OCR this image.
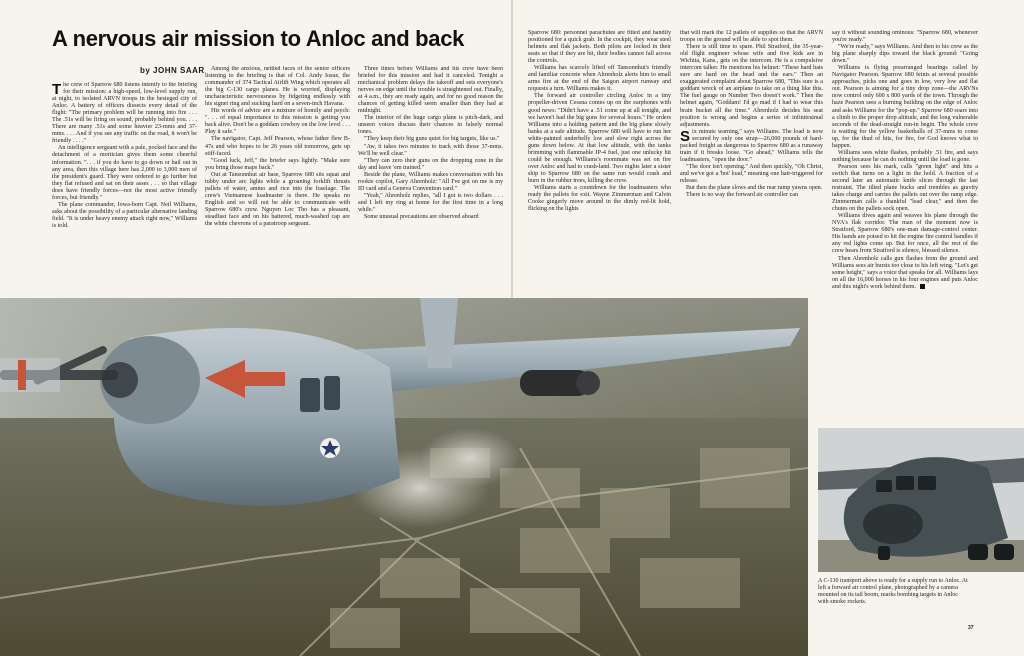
A nervous air mission to Anloc and back
by JOHN SAAR

The crew of Sparrow 680 listens intently to the briefing for their mission: a high-speed, low-level supply run, at night, to isolated ARVN troops in the besieged city of Anloc. A battery of officers dissects every detail of the flight: "The primary problem will be running into fire . . . The .51s will be firing on sound, probably behind you. . . . There are many .51s and some heavier 23-mms and 37-mms. . . . And if you see any traffic on the road, it won't be friendly . . . ."

An intelligence sergeant with a pale, pocked face and the detachment of a mortician gives them some cheerful information. ". . . if you do have to go down or bail out in any area, then this village here has 2,000 to 3,000 men of the president's guard. They were ordered to go further but they flat refused and sat on their asses . . . so that village does have friendly forces—not the most active friendly forces, but friendly."

The plane commander, Iowa-born Capt. Neil Williams, asks about the possibility of a particular alternative landing field. "It is under heavy enemy attack right now," Williams is told.

Among the anxious, nettled faces of the senior officers listening to the briefing is that of Col. Andy Iosue, the commander of 374 Tactical Airlift Wing which operates all the big C-130 cargo planes. He is worried, displaying uncharacteristic nervousness by fidgeting endlessly with his signet ring and sucking hard on a seven-inch Havana.

His words of advice are a mixture of homily and psych: ". . . of equal importance to this mission is getting you back alive. Don't be a goddam cowboy on the low level . . . Play it safe."

The navigator, Capt. Jeff Pearson, whose father flew B-47s and who hopes to be 26 years old tomorrow, gets up stiff-faced.

"Good luck, Jeff," the briefer says lightly. "Make sure you bring those maps back."

Out at Tansonnhut air base, Sparrow 680 sits squat and tubby under arc lights while a groaning forklift thrusts pallets of water, ammo and rice into the fuselage. The crew's Vietnamese loadmaster is there. He speaks no English and so will not be able to communicate with Sparrow 680's crew. Nguyen Loc Tho has a pleasant, steadfast face and on his battered, much-washed cap are the white chevrons of a paratroop sergeant.

Three times before Williams and his crew have been briefed for this mission and had it canceled. Tonight a mechanical problem delays the takeoff and sets everyone's nerves on edge until the trouble is straightened out. Finally, at 4 a.m., they are ready again, and for no good reason the chances of getting killed seem smaller than they had at midnight.

The interior of the huge cargo plane is pitch-dark, and unseen voices discuss their chances in falsely normal tones.

"They keep their big guns quiet for big targets, like us."

"Aw, it takes two minutes to track with those 37-mms. We'll be well clear."

"They can zero their guns on the dropping zone in the day and leave 'em trained."

Beside the plane, Williams makes conversation with his rookie copilot, Gary Ahrenholz: "All I've got on me is my ID card and a Geneva Convention card."

"Yeah," Ahrenholz replies, "all I got is two dollars . . . and I left my ring at home for the first time in a long while."

Some unusual precautions are observed aboard

Sparrow 680: personnel parachutes are fitted and handily positioned for a quick grab. In the cockpit, they wear steel helmets and flak jackets. Both pilots are locked in their seats so that if they are hit, their bodies cannot fall across the controls.

Williams has scarcely lifted off Tansonnhut's friendly and familiar concrete when Ahrenholz alerts him to small arms fire at the end of the Saigon airport runway and requests a turn. Williams makes it.

The forward air controller circling Anloc in a tiny propeller-driven Cessna comes up on the earphones with good news: "Didn't have a .51 come up at all tonight, and we haven't had the big guns for several hours." He orders Williams into a holding pattern and the big plane slowly banks at a safe altitude. Sparrow 680 will have to run her white-painted underbelly low and slow right across the guns down below. At that low altitude, with the tanks brimming with flammable JP-4 fuel, just one unlucky hit could be enough. Williams's roommate was set on fire over Anloc and had to crash-land. Two nights later a sister ship to Sparrow 680 on the same run would crash and burn in the rubber trees, killing the crew.

Williams starts a countdown for the loadmasters who ready the pallets for exit. Wayne Zimmerman and Calvin Cooke gingerly move around in the dimly red-lit hold, flicking on the lights

that will mark the 12 pallets of supplies so that the ARVN troops on the ground will be able to spot them.

There is still time to spare. Phil Stratford, the 35-year-old flight engineer whose wife and five kids are in Wichita, Kans., gets on the intercom. He is a compulsive intercom talker. He mentions his helmet: "These hard hats sure are hard on the head and the ears." Then an exaggerated complaint about Sparrow 680, "This sure is a goddam wreck of an airplane to take on a thing like this. The fuel gauge on Number Two doesn't work." Then the helmet again, "Goddam! I'd go mad if I had to wear this brain bucket all the time." Ahrenholz decides his seat position is wrong and begins a series of infinitesimal adjustments.

Six minute warning," says Williams. The load is now secured by only one strap—26,000 pounds of hard-packed freight as dangerous to Sparrow 680 as a runaway train if it breaks loose. "Go ahead," Williams tells the loadmasters, "open the door."

"The door isn't opening." And then quickly, "Oh Christ, and we've got a 'hot' load," meaning one hair-triggered for release.

But then the plane slows and the rear ramp yawns open.

There is no way the forward air controller can

say it without sounding ominous: "Sparrow 680, whenever you're ready."

"We're ready," says Williams. And then to his crew as the big plane sharply dips toward the black ground: "Going down."

Williams is flying prearranged bearings called by Navigator Pearson. Sparrow 680 feints at several possible approaches, picks one and goes in low, very low and flat out. Pearson is aiming for a tiny drop zone—the ARVNs now control only 600 x 800 yards of the town. Through the haze Pearson sees a burning building on the edge of Anloc and asks Williams for the "pop-up." Sparrow 680 soars into a climb to the proper drop altitude, and the long vulnerable seconds of the dead-straight run-in begin. The whole crew is waiting for the yellow basketballs of 37-mms to come up, for the thud of hits, for fire, for God knows what to happen.

Williams sees white flashes, probably .51 fire, and says nothing because he can do nothing until the load is gone.

Pearson sees his mark, calls "green light" and hits a switch that turns on a light in the hold. A fraction of a second later an automatic knife slices through the last restraint. The tilted plane bucks and trembles as gravity takes charge and carries the pallets out over the ramp edge. Zimmerman calls a thankful "lead clear," and then the chutes on the pallets sock open.

Williams dives again and weaves his plane through the NVA's flak corridor. The man of the moment now is Stratford, Sparrow 680's one-man damage-control center. His hands are poised to hit the engine fire control handles if any red lights come up. But for once, all the rest of the crew hears from Stratford is silence, blessed silence.

Then Ahrenholz calls gun flashes from the ground and Williams sees air bursts too close to his left wing. "Let's get some height," says a voice that speaks for all. Williams lays on all the 16,000 horses in his four engines and puts Anloc and this night's work behind them.

A C-130 transport above is ready for a supply run to Anloc. At left a forward air control plane, photographed by a camera mounted on its tail boom, marks bombing targets in Anloc with smoke rockets.
37
